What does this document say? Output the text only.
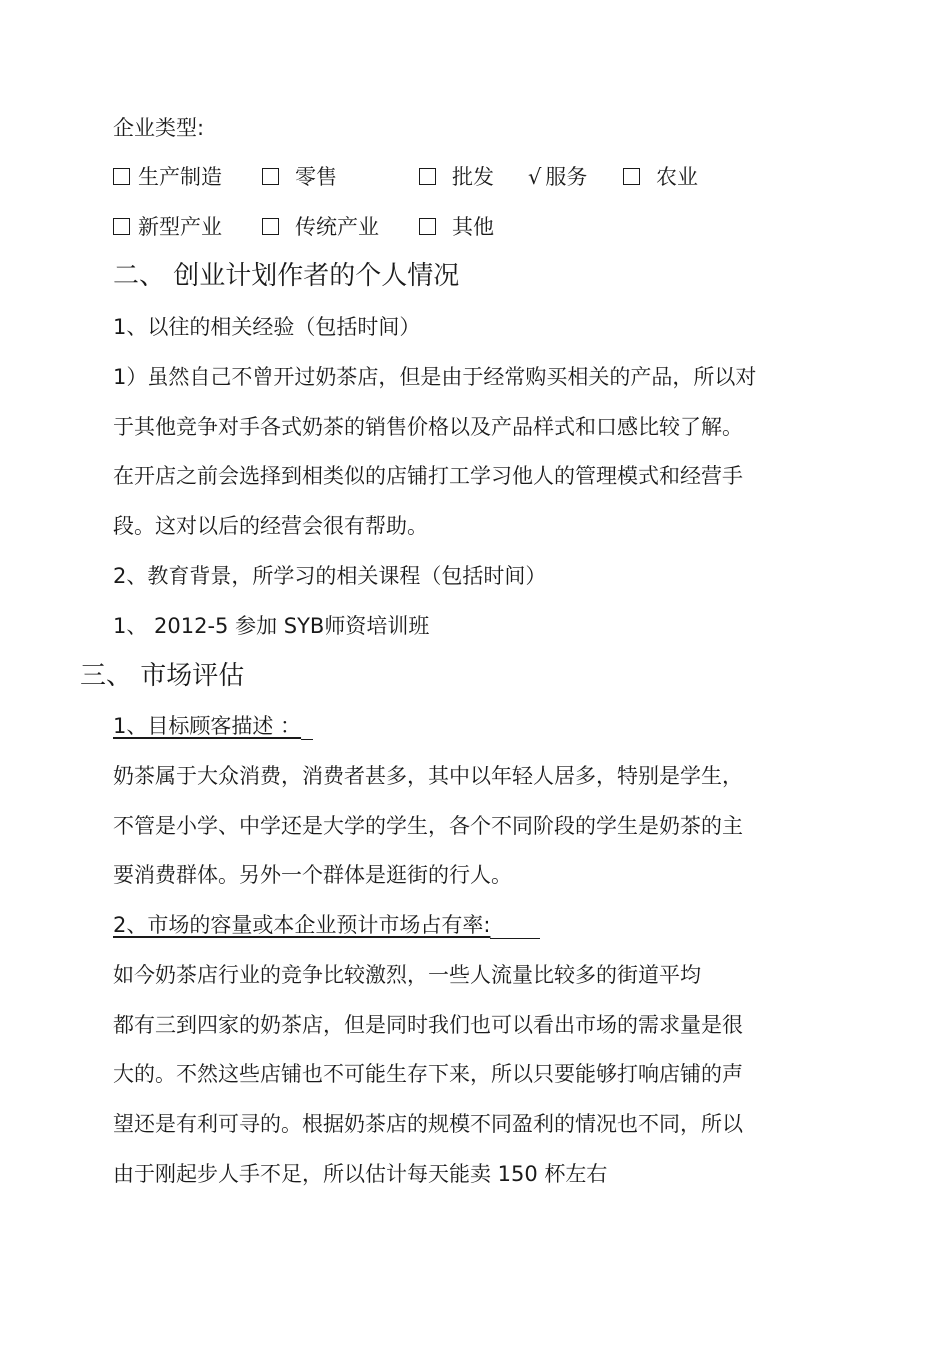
企业类型:
生产制造	零售	批发 √ 服务	农业
新型产业	传统产业	其他
二、 创业计划作者的个人情况
1、以往的相关经验（包括时间）
1）虽然自己不曾开过奶茶店，但是由于经常购买相关的产品，所以对
于其他竞争对手各式奶茶的销售价格以及产品样式和口感比较了解。
在开店之前会选择到相类似的店铺打工学习他人的管理模式和经营手
段。这对以后的经营会很有帮助。
2、教育背景，所学习的相关课程（包括时间）
1、 2012-5 参加 SYB师资培训班
三、 市场评估
1、目标顾客描述 ：
奶茶属于大众消费，消费者甚多，其中以年轻人居多，特别是学生，
不管是小学、中学还是大学的学生，各个不同阶段的学生是奶茶的主
要消费群体。另外一个群体是逛街的行人。
2、市场的容量或本企业预计市场占有率:
如今奶茶店行业的竞争比较激烈，一些人流量比较多的街道平均
都有三到四家的奶茶店，但是同时我们也可以看出市场的需求量是很
大的。不然这些店铺也不可能生存下来，所以只要能够打响店铺的声
望还是有利可寻的。根据奶茶店的规模不同盈利的情况也不同，所以
由于刚起步人手不足，所以估计每天能卖 150 杯左右
